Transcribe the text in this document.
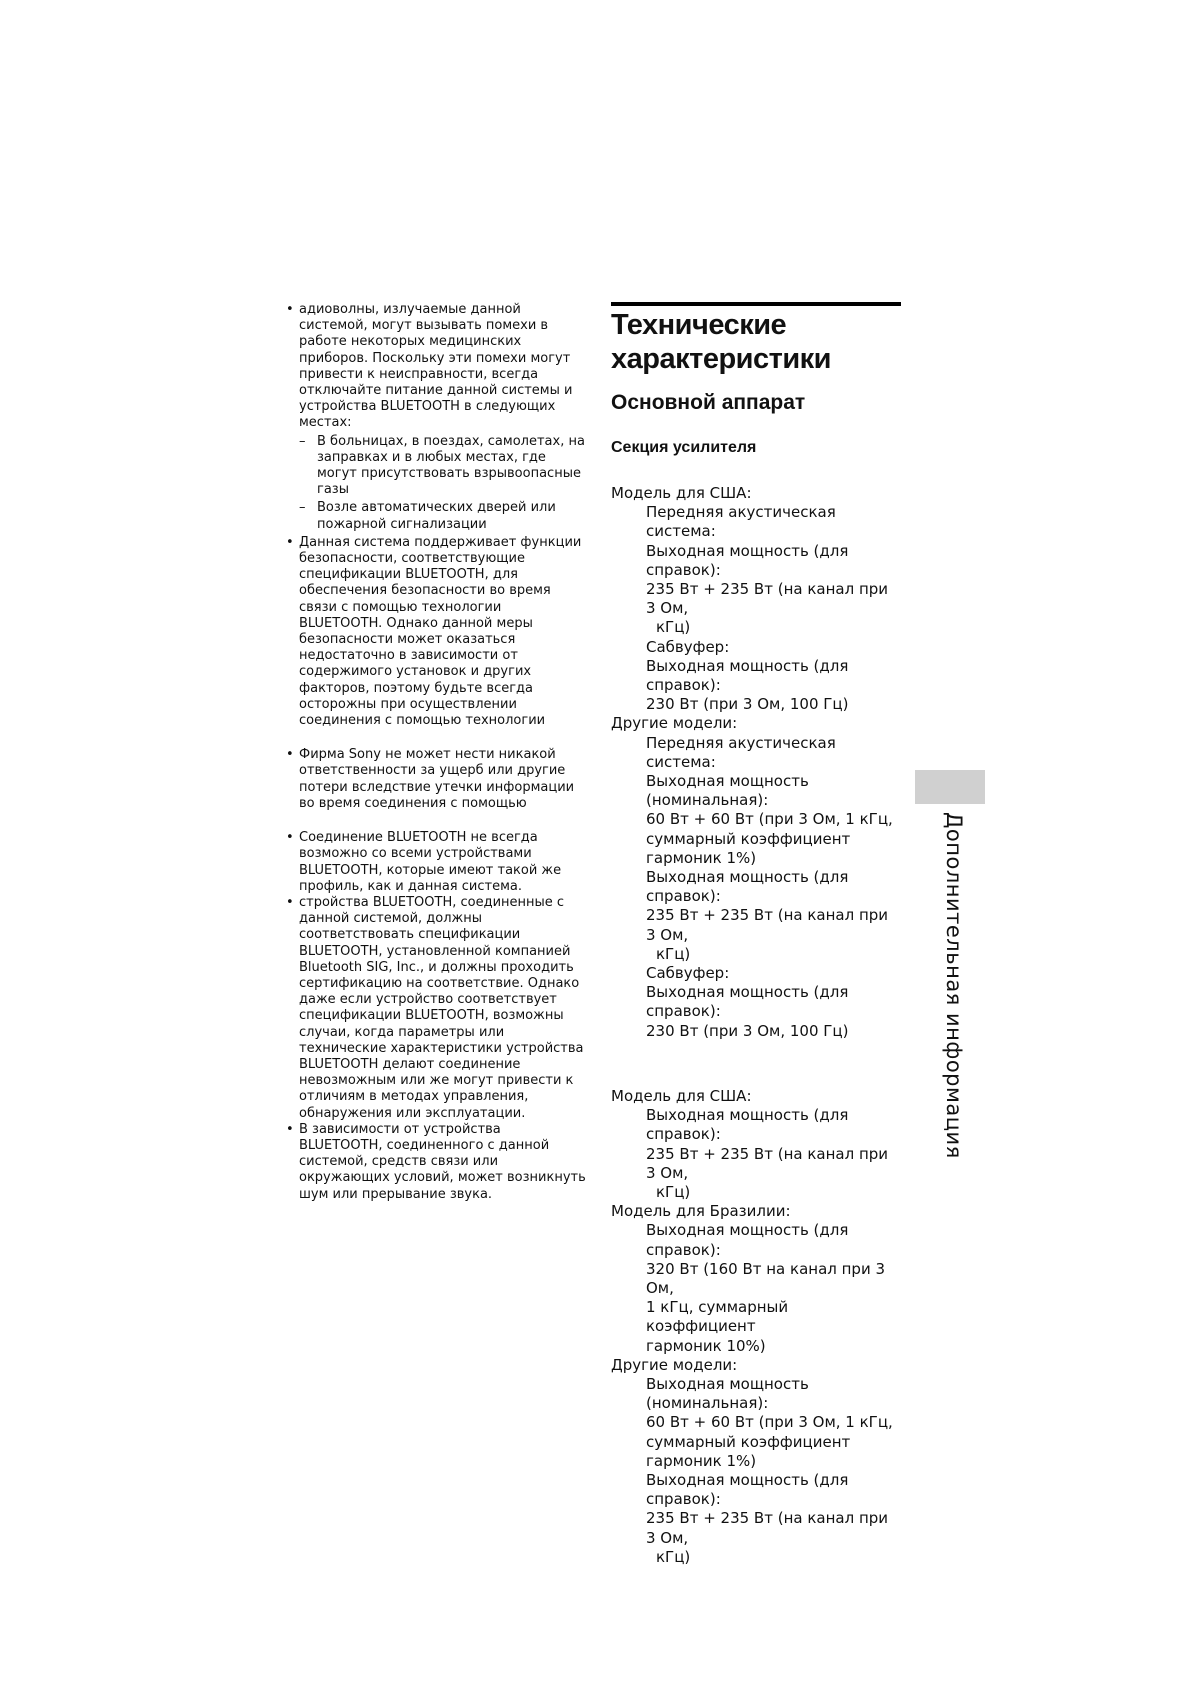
• адиоволны, излучаемые данной системой, могут вызывать помехи в работе некоторых медицинских приборов. Поскольку эти помехи могут привести к неисправности, всегда отключайте питание данной системы и устройства BLUETOOTH в следующих местах:
– В больницах, в поездах, самолетах, на заправках и в любых местах, где могут присутствовать взрывоопасные газы
– Возле автоматических дверей или пожарной сигнализации
• Данная система поддерживает функции безопасности, соответствующие спецификации BLUETOOTH, для обеспечения безопасности во время связи с помощью технологии BLUETOOTH. Однако данной меры безопасности может оказаться недостаточно в зависимости от содержимого установок и других факторов, поэтому будьте всегда осторожны при осуществлении соединения с помощью технологии
• Фирма Sony не может нести никакой ответственности за ущерб или другие потери вследствие утечки информации во время соединения с помощью
• Соединение BLUETOOTH не всегда возможно со всеми устройствами BLUETOOTH, которые имеют такой же профиль, как и данная система.
• стройства BLUETOOTH, соединенные с данной системой, должны соответствовать спецификации BLUETOOTH, установленной компанией Bluetooth SIG, Inc., и должны проходить сертификацию на соответствие. Однако даже если устройство соответствует спецификации BLUETOOTH, возможны случаи, когда параметры или технические характеристики устройства BLUETOOTH делают соединение невозможным или же могут привести к отличиям в методах управления, обнаружения или эксплуатации.
• В зависимости от устройства BLUETOOTH, соединенного с данной системой, средств связи или окружающих условий, может возникнуть шум или прерывание звука.
Технические характеристики
Основной аппарат
Секция усилителя
Модель для США:
Передняя акустическая система:
Выходная мощность (для справок):
235 Вт + 235 Вт (на канал при 3 Ом,
кГц)
Сабвуфер:
Выходная мощность (для справок):
230 Вт (при 3 Ом, 100 Гц)
Другие модели:
Передняя акустическая система:
Выходная мощность
(номинальная):
60 Вт + 60 Вт (при 3 Ом, 1 кГц,
суммарный коэффициент
гармоник 1%)
Выходная мощность (для справок):
235 Вт + 235 Вт (на канал при 3 Ом,
кГц)
Сабвуфер:
Выходная мощность (для справок):
230 Вт (при 3 Ом, 100 Гц)
Модель для США:
Выходная мощность (для справок):
235 Вт + 235 Вт (на канал при 3 Ом,
кГц)
Модель для Бразилии:
Выходная мощность (для справок):
320 Вт (160 Вт на канал при 3 Ом,
1 кГц, суммарный коэффициент
гармоник 10%)
Другие модели:
Выходная мощность
(номинальная):
60 Вт + 60 Вт (при 3 Ом, 1 кГц,
суммарный коэффициент
гармоник 1%)
Выходная мощность (для справок):
235 Вт + 235 Вт (на канал при 3 Ом,
кГц)
Дополнительная информация
